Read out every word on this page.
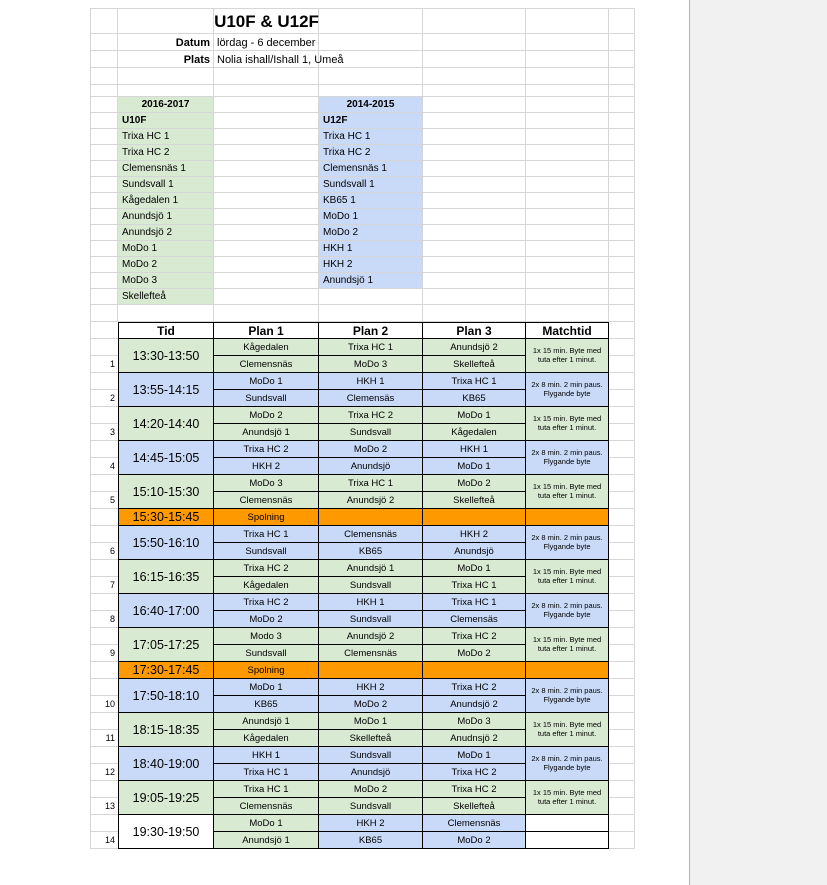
U10F & U12F
Datum lördag - 6 december
Plats Nolia ishall/Ishall 1, Umeå
2016-2017	2014-2015
U10F	U12F
Trixa HC 1	Trixa HC 1
Trixa HC 2	Trixa HC 2
Clemensnäs 1	Clemensnäs 1
Sundsvall 1	Sundsvall 1
Kågedalen 1	KB65 1
Anundsjö 1	MoDo 1
Anundsjö 2	MoDo 2
MoDo 1	HKH 1
MoDo 2	HKH 2
MoDo 3	Anundsjö 1
Skellefteå
Tid	Plan 1	Plan 2	Plan 3	Matchtid
1
13:30-13:50
Kågedalen
Clemensnäs
Trixa HC 1
MoDo 3
Anundsjö 2
Skellefteå
1x 15 min. Byte med tuta efter 1 minut.
2
13:55-14:15
MoDo 1
Sundsvall
HKH 1
Clemensäs
Trixa HC 1
KB65
2x 8 min. 2 min paus. Flygande byte
3
14:20-14:40
MoDo 2
Anundsjö 1
Trixa HC 2
Sundsvall
MoDo 1
Kågedalen
1x 15 min. Byte med tuta efter 1 minut.
4
14:45-15:05
Trixa HC 2
HKH 2
MoDo 2
Anundsjö
HKH 1
MoDo 1
2x 8 min. 2 min paus. Flygande byte
5
15:10-15:30
MoDo 3
Clemensnäs
Trixa HC 1
Anundsjö 2
MoDo 2
Skellefteå
1x 15 min. Byte med tuta efter 1 minut.
15:30-15:45	Spolning
6
15:50-16:10
Trixa HC 1
Sundsvall
Clemensnäs
KB65
HKH 2
Anundsjö
2x 8 min. 2 min paus. Flygande byte
7
16:15-16:35
Trixa HC 2
Kågedalen
Anundsjö 1
Sundsvall
MoDo 1
Trixa HC 1
1x 15 min. Byte med tuta efter 1 minut.
8
16:40-17:00
Trixa HC 2
MoDo 2
HKH 1
Sundsvall
Trixa HC 1
Clemensäs
2x 8 min. 2 min paus. Flygande byte
9
17:05-17:25
Modo 3
Sundsvall
Anundsjö 2
Clemensnäs
Trixa HC 2
MoDo 2
1x 15 min. Byte med tuta efter 1 minut.
17:30-17:45	Spolning
10
17:50-18:10
MoDo 1
KB65
HKH 2
MoDo 2
Trixa HC 2
Anundsjö 2
2x 8 min. 2 min paus. Flygande byte
11
18:15-18:35
Anundsjö 1
Kågedalen
MoDo 1
Skellefteå
MoDo 3
Anudnsjö 2
1x 15 min. Byte med tuta efter 1 minut.
12
18:40-19:00
HKH 1
Trixa HC 1
Sundsvall
Anundsjö
MoDo 1
Trixa HC 2
2x 8 min. 2 min paus. Flygande byte
13
19:05-19:25
Trixa HC 1
Clemensnäs
MoDo 2
Sundsvall
Trixa HC 2
Skellefteå
1x 15 min. Byte med tuta efter 1 minut.
14
19:30-19:50
MoDo 1
Anundsjö 1
HKH 2
KB65
Clemensnäs
MoDo 2
